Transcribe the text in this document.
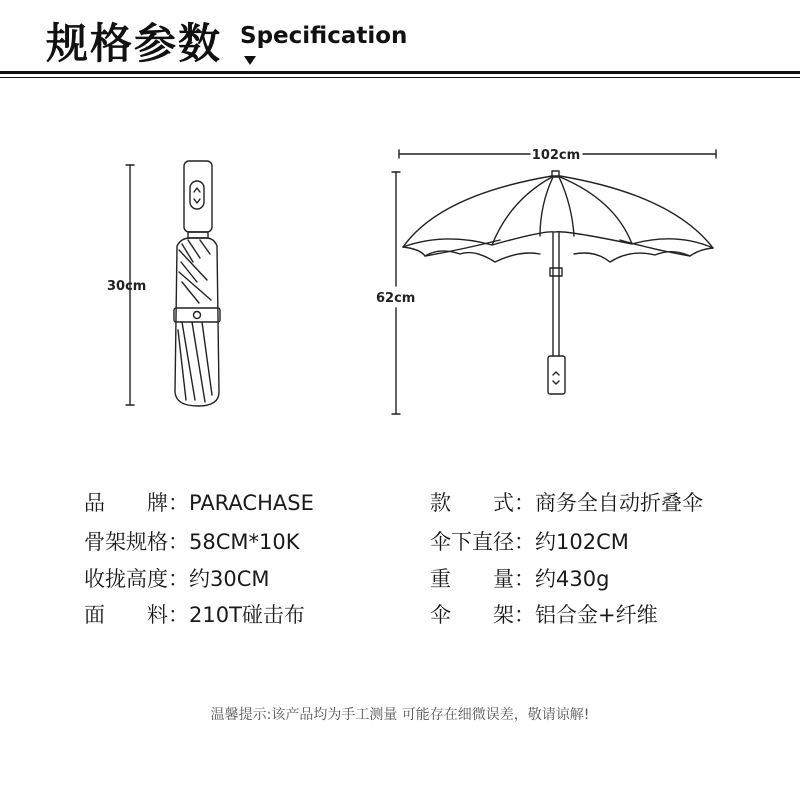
规格参数 Specification
30cm
102cm
62cm
品　　牌：PARACHASE
骨架规格：58CM*10K
收拢高度：约30CM
面　　料：210T碰击布
款　　式：商务全自动折叠伞
伞下直径：约102CM
重　　量：约430g
伞　　架：铝合金+纤维
温馨提示:该产品均为手工测量 可能存在细微误差，敬请谅解!
